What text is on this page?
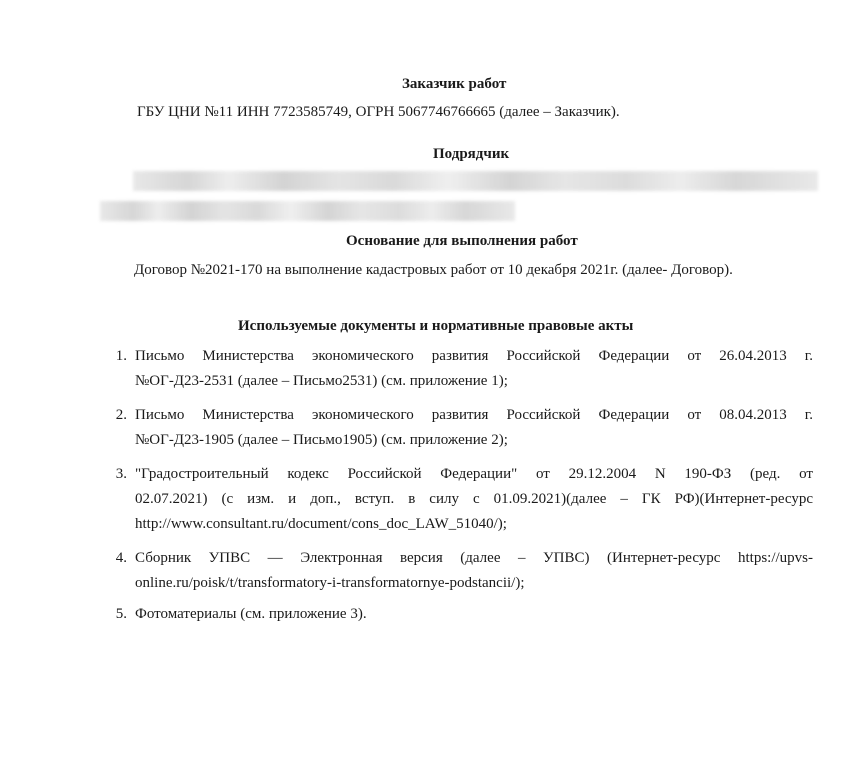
Заказчик работ
ГБУ ЦНИ №11 ИНН 7723585749, ОГРН 5067746766665 (далее – Заказчик).
Подрядчик
Основание для выполнения работ
Договор №2021-170 на выполнение кадастровых работ от 10 декабря 2021г. (далее- Договор).
Используемые документы и нормативные правовые акты
1. Письмо Министерства экономического развития Российской Федерации от 26.04.2013 г.
№ОГ-Д23-2531 (далее – Письмо2531) (см. приложение 1);
2. Письмо Министерства экономического развития Российской Федерации от 08.04.2013 г.
№ОГ-Д23-1905 (далее – Письмо1905) (см. приложение 2);
3. "Градостроительный кодекс Российской Федерации" от 29.12.2004 N 190-ФЗ (ред. от
02.07.2021) (с изм. и доп., вступ. в силу с 01.09.2021)(далее – ГК РФ)(Интернет-ресурс
http://www.consultant.ru/document/cons_doc_LAW_51040/);
4. Сборник УПВС — Электронная версия (далее – УПВС) (Интернет-ресурс https://upvs-
online.ru/poisk/t/transformatory-i-transformatornye-podstancii/);
5. Фотоматериалы (см. приложение 3).
